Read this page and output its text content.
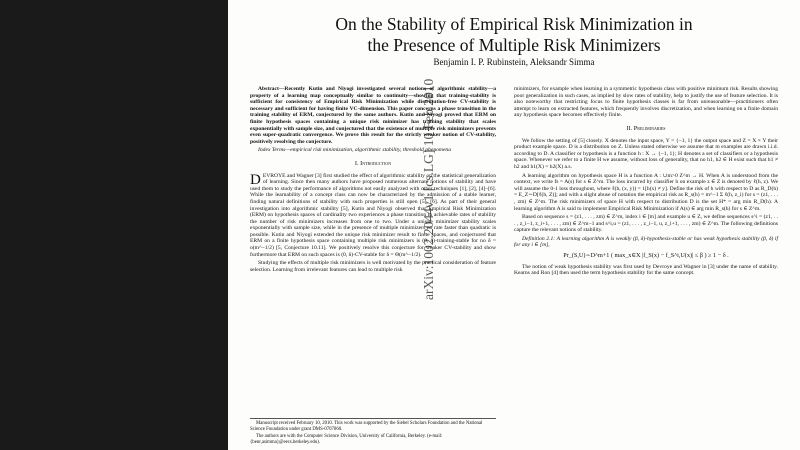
arXiv:1002.2044v1 [cs.LG] 10 Feb 2010
On the Stability of Empirical Risk Minimization in
the Presence of Multiple Risk Minimizers
Benjamin I. P. Rubinstein, Aleksandr Simma

Abstract—Recently Kutin and Niyogi investigated several notions of algorithmic stability—a property of a learning map conceptually similar to continuity—showing that training-stability is sufficient for consistency of Empirical Risk Minimization while distribution-free CV-stability is necessary and sufficient for having finite VC-dimension. This paper concerns a phase transition in the training stability of ERM, conjectured by the same authors. Kutin and Niyogi proved that ERM on finite hypothesis spaces containing a unique risk minimizer has training stability that scales exponentially with sample size, and conjectured that the existence of multiple risk minimizers prevents even super-quadratic convergence. We prove this result for the strictly weaker notion of CV-stability, positively resolving the conjecture.

Index Terms—empirical risk minimization, algorithmic stability, threshold phenomena

I. Introduction

DEVROYE and Wagner [3] first studied the effect of algorithmic stability on the statistical generalization of learning. Since then many authors have proposed numerous alternate notions of stability and have used them to study the performance of algorithms not easily analyzed with other techniques [1], [2], [4]–[6]. While the learnability of a concept class can now be characterized by the admission of a stable learner, finding natural definitions of stability with such properties is still open [5], [6]. As part of their general investigation into algorithmic stability [5], Kutin and Niyogi observed that Empirical Risk Minimization (ERM) on hypothesis spaces of cardinality two experiences a phase transition in achievable rates of stability the number of risk minimizers increases from one to two. Under a unique minimizer stability scales exponentially with sample size, while in the presence of multiple minimizers no rate faster than quadratic is possible. Kutin and Niyogi extended the unique risk minimizer result to finite spaces, and conjectured that ERM on a finite hypothesis space containing multiple risk minimizers is (0, δ)-training-stable for no δ = o(m^−1/2) [5, Conjecture 10.11]. We positively resolve this conjecture for weaker CV-stability and show furthermore that ERM on such spaces is (0, δ)-CV-stable for δ = Θ(m^−1/2).

Studying the effects of multiple risk minimizers is well motivated by the practical consideration of feature selection. Learning from irrelevant features can lead to multiple risk

Manuscript received February 10, 2010. This work was supported by the Siebel Scholars Foundation and the National Science Foundation under grant DMS-0707060.

The authors are with the Computer Science Division, University of California, Berkeley. (e-mail: {benr,asimma}@eecs.berkeley.edu).

minimizers, for example when learning in a symmetric hypothesis class with positive minimum risk. Results showing poor generalization in such cases, as implied by slow rates of stability, help to justify the use of feature selection. It is also noteworthy that restricting focus to finite hypothesis classes is far from unreasonable—practitioners often attempt to learn on extracted features, which frequently involves discretization, and when learning on a finite domain any hypothesis space becomes effectively finite.

II. Preliminaries

We follow the setting of [5] closely. X denotes the input space, Y = {−1, 1} the output space and Z = X × Y their product example space. D is a distribution on Z. Unless stated otherwise we assume that m examples are drawn i.i.d. according to D. A classifier or hypothesis is a function h : X → {−1, 1}; H denotes a set of classifiers or a hypothesis space. Whenever we refer to a finite H we assume, without loss of generality, that no h1, h2 ∈ H exist such that h1 ≠ h2 and h1(X) = h2(X) a.s.

A learning algorithm on hypothesis space H is a function A : ∪m>0 Z^m → H. When A is understood from the context, we write fs = A(s) for s ∈ Z^m. The loss incurred by classifier h on example z ∈ Z is denoted by ℓ(h, z). We will assume the 0-1 loss throughout, where ℓ(h, (x, y)) = 1[h(x) ≠ y]. Define the risk of h with respect to D as R_D(h) = E_Z∼D[ℓ(h, Z)]; and with a slight abuse of notation the empirical risk as R_s(h) = m^−1 Σ ℓ(h, z_i) for s = (z1, . . . , zm) ∈ Z^m. The risk minimizers of space H with respect to distribution D is the set H* = arg min R_D(h). A learning algorithm A is said to implement Empirical Risk Minimization if A(s) ∈ arg min R_s(h) for s ∈ Z^m.

Based on sequence s = (z1, . . . , zm) ∈ Z^m, index i ∈ [m] and example u ∈ Z, we define sequences s^i = (z1, . . . , z_i−1, z_i+1, . . . , zm) ∈ Z^m−1 and s^i,u = (z1, . . . , z_i−1, u, z_i+1, . . . , zm) ∈ Z^m. The following definitions capture the relevant notions of stability.

Definition 2.1: A learning algorithm A is weakly (β, δ)-hypothesis-stable or has weak hypothesis stability (β, δ) if for any i ∈ [m],

Pr_(S,U)∼D^m+1 ( max_x∈X |f_S(x) − f_S^i,U(x)| ≤ β ) ≥ 1 − δ .

The notion of weak hypothesis stability was first used by Devroye and Wagner in [3] under the name of stability. Kearns and Ron [4] then used the term hypothesis stability for the same concept.
